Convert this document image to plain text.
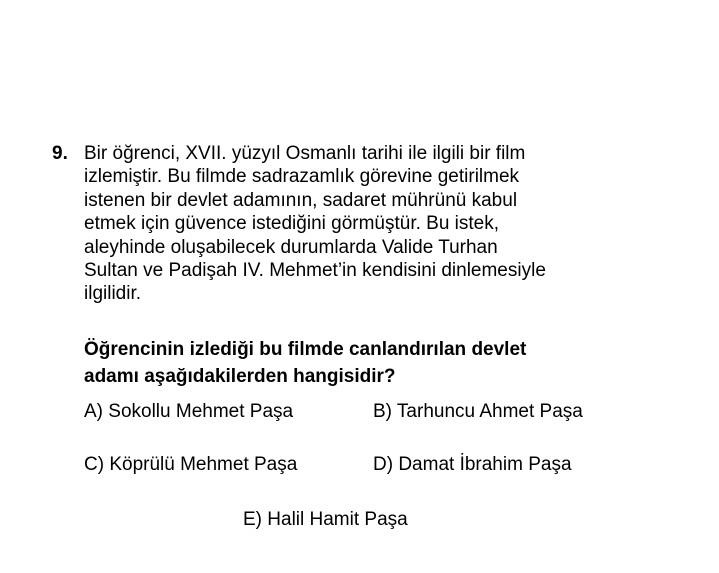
9. Bir öğrenci, XVII. yüzyıl Osmanlı tarihi ile ilgili bir film
izlemiştir. Bu filmde sadrazamlık görevine getirilmek
istenen bir devlet adamının, sadaret mührünü kabul
etmek için güvence istediğini görmüştür. Bu istek,
aleyhinde oluşabilecek durumlarda Valide Turhan
Sultan ve Padişah IV. Mehmet’in kendisini dinlemesiyle
ilgilidir.
Öğrencinin izlediği bu filmde canlandırılan devlet
adamı aşağıdakilerden hangisidir?
A) Sokollu Mehmet Paşa	B) Tarhuncu Ahmet Paşa
C) Köprülü Mehmet Paşa	D) Damat İbrahim Paşa
E) Halil Hamit Paşa
